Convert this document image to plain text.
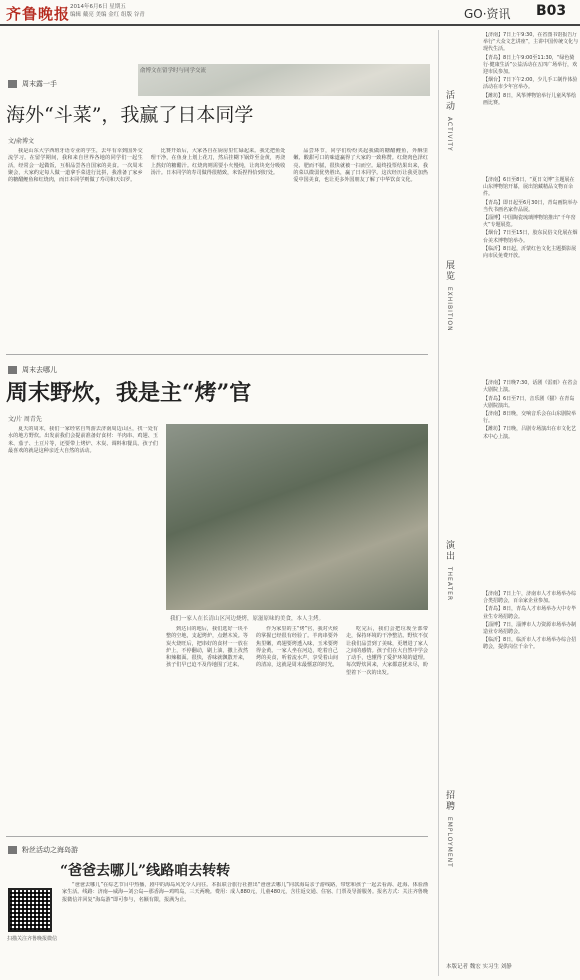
齐鲁晚报 2014年6月6日 星期五
编辑 戴亮 美编 金红 组版 谷青	GO·资讯 B03
周末露一手
俞博文在留学时与同学交流
海外“斗菜”，我赢了日本同学
文/俞博文
我是山东大学西班牙语专业的学生，去年有幸到国外交流学习。在留学期间，我和来自世界各地的同学们一起生活，经常会一起做饭，互相品尝各自国家的美食。一次周末聚会，大家约定每人做一道拿手菜进行比拼，我准备了家乡的糖醋鲤鱼和红烧肉，而日本同学则做了寿司和天妇罗。
比赛开始后，大家各自在厨房里忙碌起来。我先把鱼处理干净，在鱼身上划上花刀，然后挂糊下锅炸至金黄，再浇上熬好的糖醋汁。红烧肉则需要小火慢炖，让肉块充分吸收汤汁。日本同学的寿司做得很精致，米饭捏得恰到好处。
品尝环节，同学们纷纷夹起我做的糖醋鲤鱼，外酥里嫩、酸甜可口的味道赢得了大家的一致称赞。红烧肉色泽红亮、肥而不腻，很快就被一扫而空。最终投票结果出来，我的菜以微弱优势胜出，赢了日本同学。这次经历让我更加热爱中国美食，也让更多外国朋友了解了中华饮食文化。
周末去哪儿
周末野炊，我是主“烤”官
文/片 周青先
夏天的周末，我们一家经常自驾游去济南周边山区，找一处有水的地方野炊。出发前我们会提前准备好食材：羊肉串、鸡翅、玉米、茄子、土豆片等，还要带上烤炉、木炭、调料和餐具。孩子们最喜欢的就是这种亲近大自然的活动。
我们一家人在长清山区河边烧烤，原滋原味的美食，本人主烤。
到达目的地后，我们选好一块平整的空地，支起烤炉，点燃木炭。等炭火烧旺后，把串好的食材一一放在炉上，不停翻动，刷上油，撒上孜然和辣椒面。很快，香味就飘散开来，孩子们早已迫不及待地围了过来。
作为家里的主“烤”官，我对火候的掌握已经很有经验了。羊肉串要外焦里嫩，鸡翅要烤透入味，玉米要烤得金黄。一家人坐在河边，吃着自己烤的美食，听着流水声，享受着山间的清凉，这就是周末最惬意的时光。
吃完后，我们会把垃圾全部带走，保持环境的干净整洁。野炊不仅让我们品尝到了美味，更增进了家人之间的感情。孩子们在大自然中学会了动手，也懂得了爱护环境的道理。每次野炊回来，大家都意犹未尽，盼望着下一次的出发。
粉丝活动之海岛游
“爸爸去哪儿”线路咱去转转
扫描关注齐鲁晚报微信
“爸爸去哪儿”在综艺节目中热播，剧中的海岛风光令人向往。本报联合旅行社推出“爸爸去哪儿”同款海岛亲子游线路，带您和孩子一起去看海、赶海、体验渔家生活。线路：济南—威海—刘公岛—那香海—鸡鸣岛，三天两晚。费用：成人880元，儿童480元，含往返交通、住宿、门票及导游服务。报名方式：关注齐鲁晚报微信并回复“海岛游”即可参与，名额有限，报满为止。
活动 ACTIVITY
展览 EXHIBITION
演出 THEATER
招聘 EMPLOYMENT

【济南】7日上午9:30，在省图书馆报告厅举行“大众文艺讲座”，主讲中国传统文化与现代生活。

【青岛】8日上午9:00至11:30，“绿色骑行·健康生活”公益活动在五四广场举行，欢迎市民参加。

【烟台】7日下午2:00，少儿手工制作体验活动在市少年宫举办。

【潍坊】8日，风筝博物馆举行儿童风筝绘画比赛。

【济南】6日至8日，“夏日文博”主题展在山东博物馆开幕，展出馆藏精品文物百余件。

【青岛】即日起至6月30日，青岛画院举办当代书画名家作品展。

【淄博】中国陶瓷琉璃博物馆推出“千年窑火”专题展览。

【烟台】7日至15日，胶东民俗文化展在烟台美术博物馆举办。

【临沂】8日起，沂蒙红色文化主题摄影展向市民免费开放。

【济南】7日晚7:30，话剧《雷雨》在省会大剧院上演。

【青岛】6日至7日，音乐剧《猫》在青岛大剧院演出。

【济南】8日晚，交响音乐会在山东剧院举行。

【潍坊】7日晚，吕剧专场演出在市文化艺术中心上演。

【济南】7日上午，济南市人才市场举办综合类招聘会，百余家企业参加。

【青岛】8日，青岛人才市场举办大中专毕业生专场招聘会。

【淄博】7日，淄博市人力资源市场举办制造业专场招聘会。

【临沂】8日，临沂市人才市场举办综合招聘会，提供岗位千余个。

本版记者 魏宏 实习生 刘静
